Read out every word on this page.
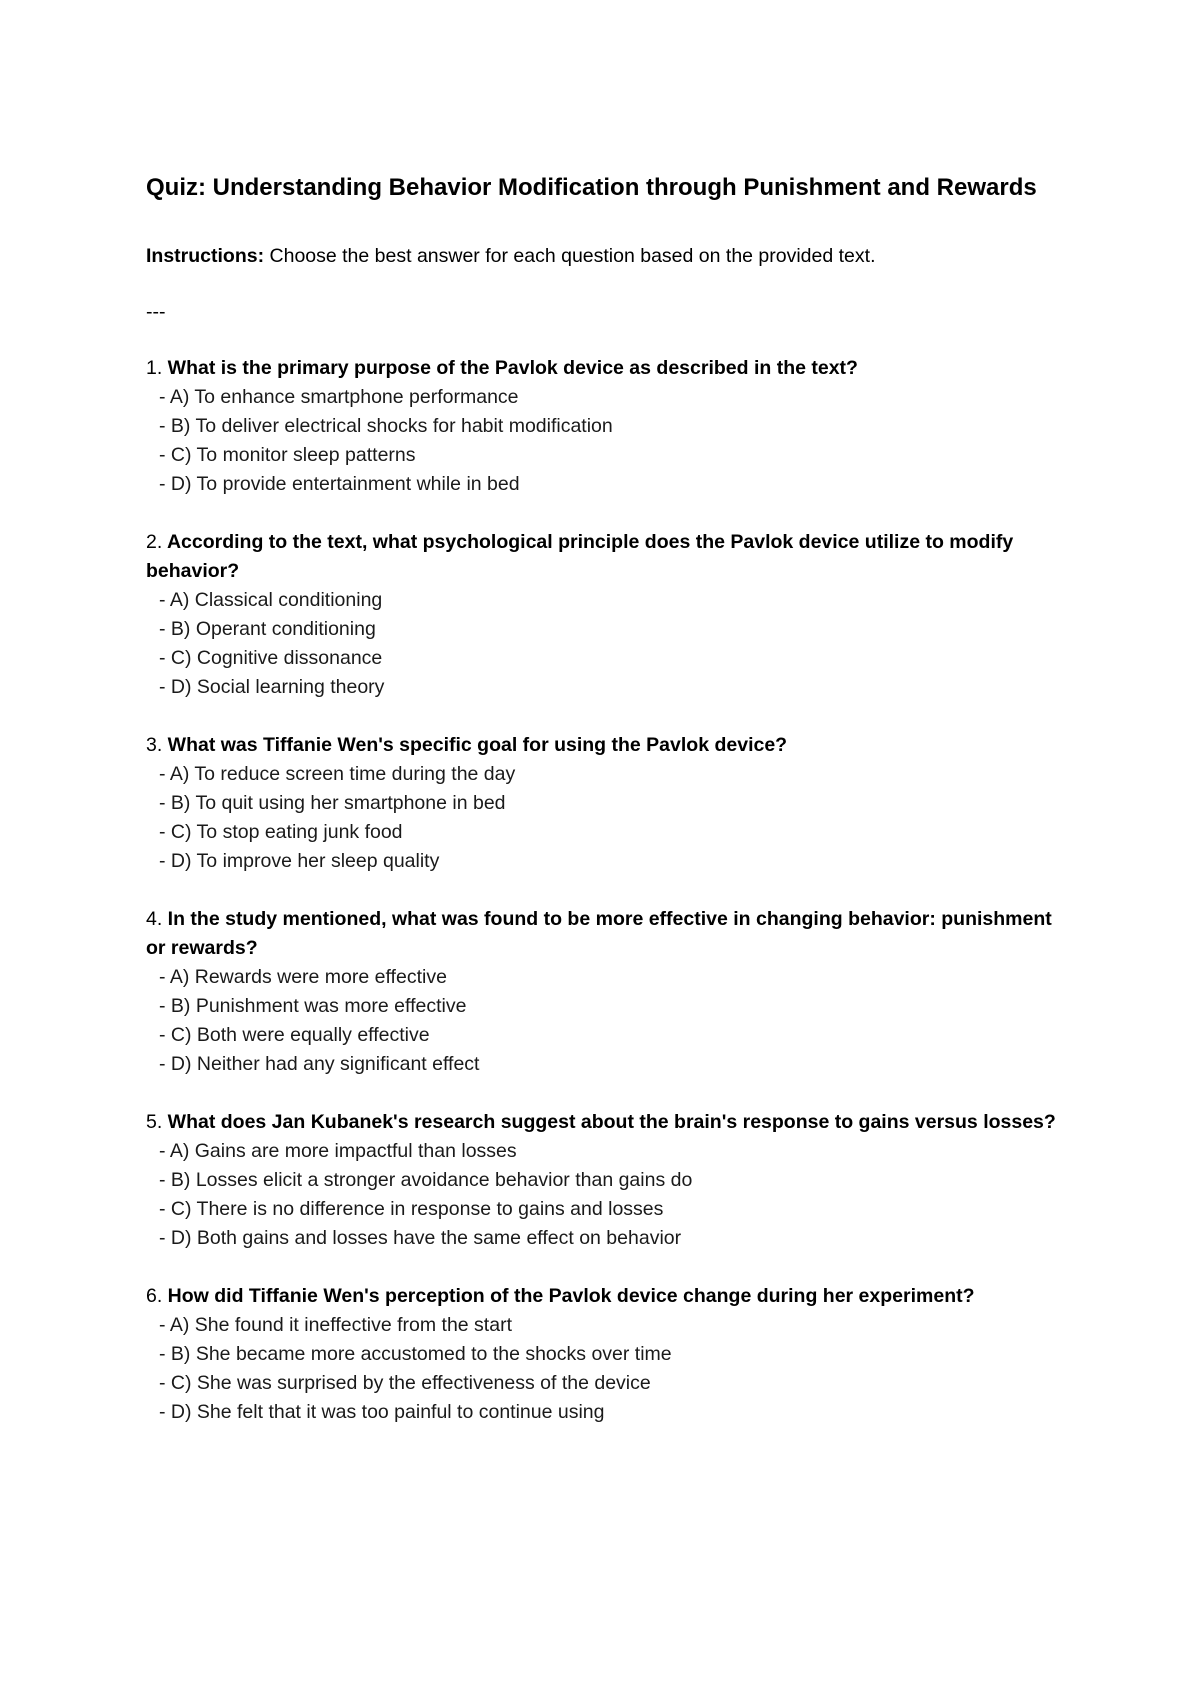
Quiz: Understanding Behavior Modification through Punishment and Rewards
Instructions: Choose the best answer for each question based on the provided text.
---
1. What is the primary purpose of the Pavlok device as described in the text?
- A) To enhance smartphone performance
- B) To deliver electrical shocks for habit modification
- C) To monitor sleep patterns
- D) To provide entertainment while in bed
2. According to the text, what psychological principle does the Pavlok device utilize to modify behavior?
- A) Classical conditioning
- B) Operant conditioning
- C) Cognitive dissonance
- D) Social learning theory
3. What was Tiffanie Wen's specific goal for using the Pavlok device?
- A) To reduce screen time during the day
- B) To quit using her smartphone in bed
- C) To stop eating junk food
- D) To improve her sleep quality
4. In the study mentioned, what was found to be more effective in changing behavior: punishment or rewards?
- A) Rewards were more effective
- B) Punishment was more effective
- C) Both were equally effective
- D) Neither had any significant effect
5. What does Jan Kubanek's research suggest about the brain's response to gains versus losses?
- A) Gains are more impactful than losses
- B) Losses elicit a stronger avoidance behavior than gains do
- C) There is no difference in response to gains and losses
- D) Both gains and losses have the same effect on behavior
6. How did Tiffanie Wen's perception of the Pavlok device change during her experiment?
- A) She found it ineffective from the start
- B) She became more accustomed to the shocks over time
- C) She was surprised by the effectiveness of the device
- D) She felt that it was too painful to continue using
